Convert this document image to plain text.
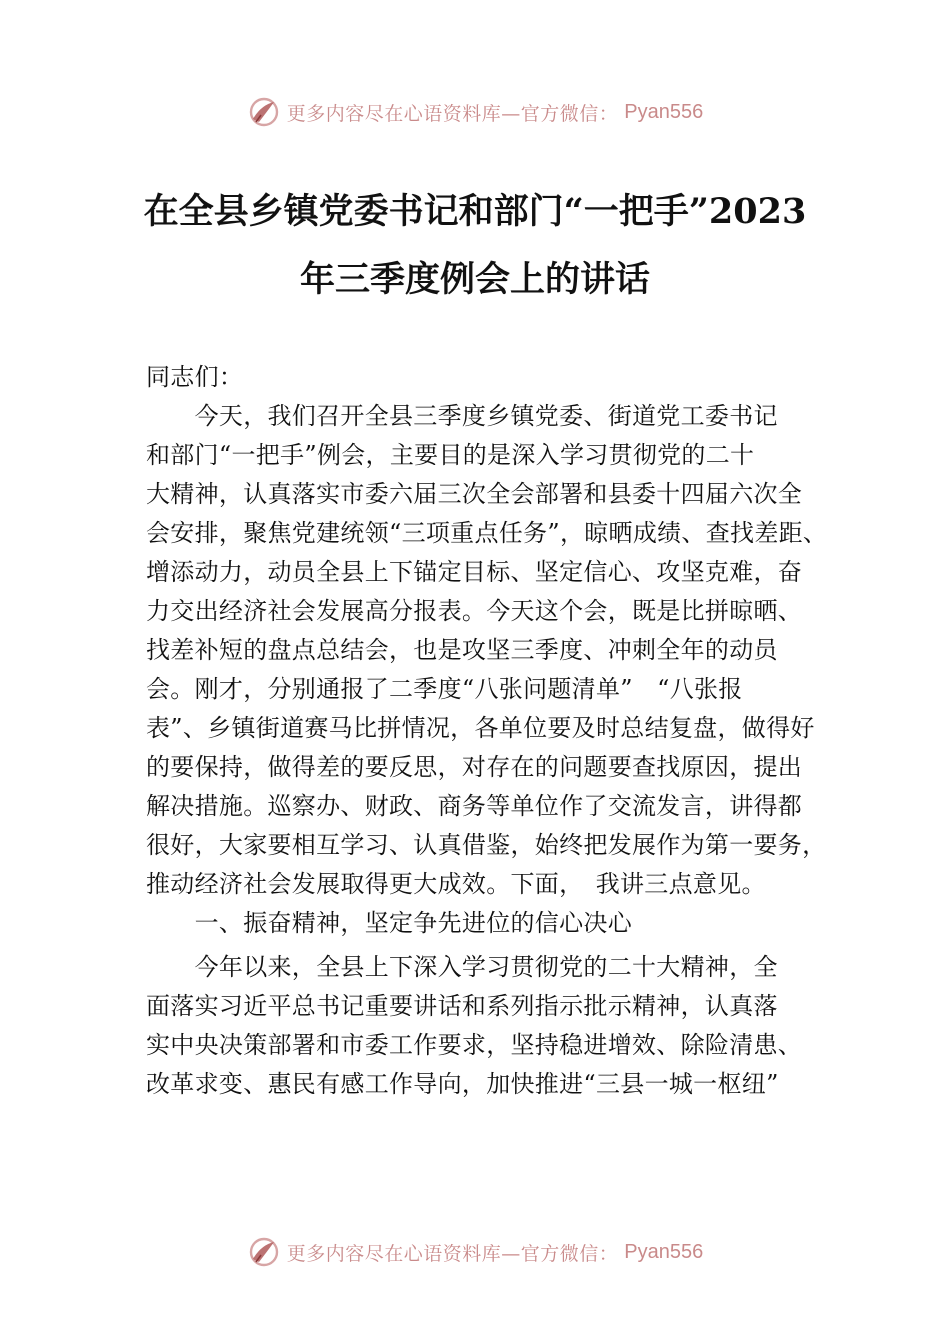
更多内容尽在心语资料库—官方微信： Pyan556
在全县乡镇党委书记和部门“一把手”2023
年三季度例会上的讲话
同志们：
　　今天，我们召开全县三季度乡镇党委、街道党工委书记
和部门“一把手”例会，主要目的是深入学习贯彻党的二十
大精神，认真落实市委六届三次全会部署和县委十四届六次全
会安排，聚焦党建统领“三项重点任务”，晾晒成绩、查找差距、
增添动力，动员全县上下锚定目标、坚定信心、攻坚克难，奋
力交出经济社会发展高分报表。今天这个会，既是比拼晾晒、
找差补短的盘点总结会，也是攻坚三季度、冲刺全年的动员
会。刚才，分别通报了二季度“八张问题清单”　“八张报
表”、乡镇街道赛马比拼情况，各单位要及时总结复盘，做得好
的要保持，做得差的要反思，对存在的问题要查找原因，提出
解决措施。巡察办、财政、商务等单位作了交流发言，讲得都
很好，大家要相互学习、认真借鉴，始终把发展作为第一要务，
推动经济社会发展取得更大成效。下面，　我讲三点意见。
　　一、振奋精神，坚定争先进位的信心决心
　　今年以来，全县上下深入学习贯彻党的二十大精神，全
面落实习近平总书记重要讲话和系列指示批示精神，认真落
实中央决策部署和市委工作要求，坚持稳进增效、除险清患、
改革求变、惠民有感工作导向，加快推进“三县一城一枢纽”
更多内容尽在心语资料库—官方微信： Pyan556
